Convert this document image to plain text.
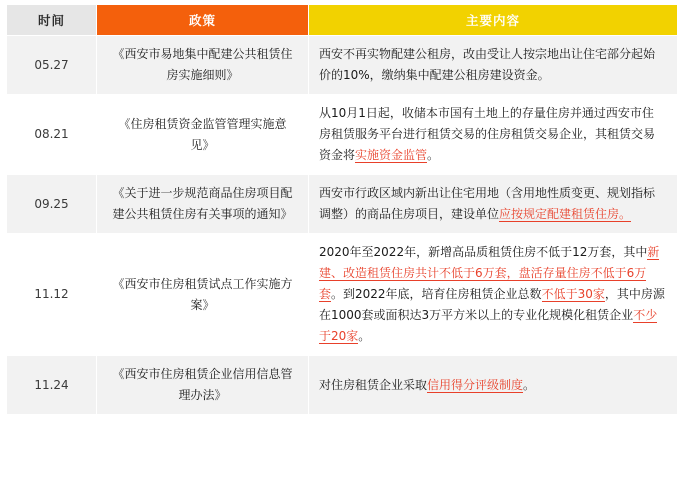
时间	政策	主要内容
05.27	《西安市易地集中配建公共租赁住房实施细则》	西安不再实物配建公租房，改由受让人按宗地出让住宅部分起始价的10%，缴纳集中配建公租房建设资金。
08.21	《住房租赁资金监管管理实施意见》	从10月1日起，收储本市国有土地上的存量住房并通过西安市住房租赁服务平台进行租赁交易的住房租赁交易企业，其租赁交易资金将实施资金监管。
09.25	《关于进一步规范商品住房项目配建公共租赁住房有关事项的通知》	西安市行政区域内新出让住宅用地（含用地性质变更、规划指标调整）的商品住房项目，建设单位应按规定配建租赁住房。
11.12	《西安市住房租赁试点工作实施方案》	2020年至2022年，新增高品质租赁住房不低于12万套，其中新建、改造租赁住房共计不低于6万套，盘活存量住房不低于6万套。到2022年底，培育住房租赁企业总数不低于30家，其中房源在1000套或面积达3万平方米以上的专业化规模化租赁企业不少于20家。
11.24	《西安市住房租赁企业信用信息管理办法》	对住房租赁企业采取信用得分评级制度。
